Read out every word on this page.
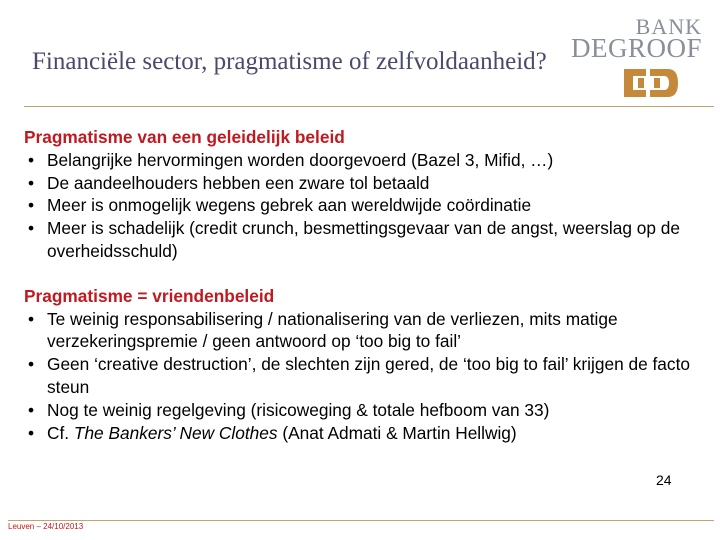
Financiële sector, pragmatisme of zelfvoldaanheid?
BANK
DEGROOF
Pragmatisme van een geleidelijk beleid
• Belangrijke hervormingen worden doorgevoerd (Bazel 3, Mifid, …)
• De aandeelhouders hebben een zware tol betaald
• Meer is onmogelijk wegens gebrek aan wereldwijde coördinatie
• Meer is schadelijk (credit crunch, besmettingsgevaar van de angst, weerslag op de overheidsschuld)
Pragmatisme = vriendenbeleid
• Te weinig responsabilisering / nationalisering van de verliezen, mits matige verzekeringspremie / geen antwoord op ‘too big to fail’
• Geen ‘creative destruction’, de slechten zijn gered, de ‘too big to fail’ krijgen de facto steun
• Nog te weinig regelgeving (risicoweging & totale hefboom van 33)
• Cf. The Bankers’ New Clothes (Anat Admati & Martin Hellwig)
24
Leuven – 24/10/2013
